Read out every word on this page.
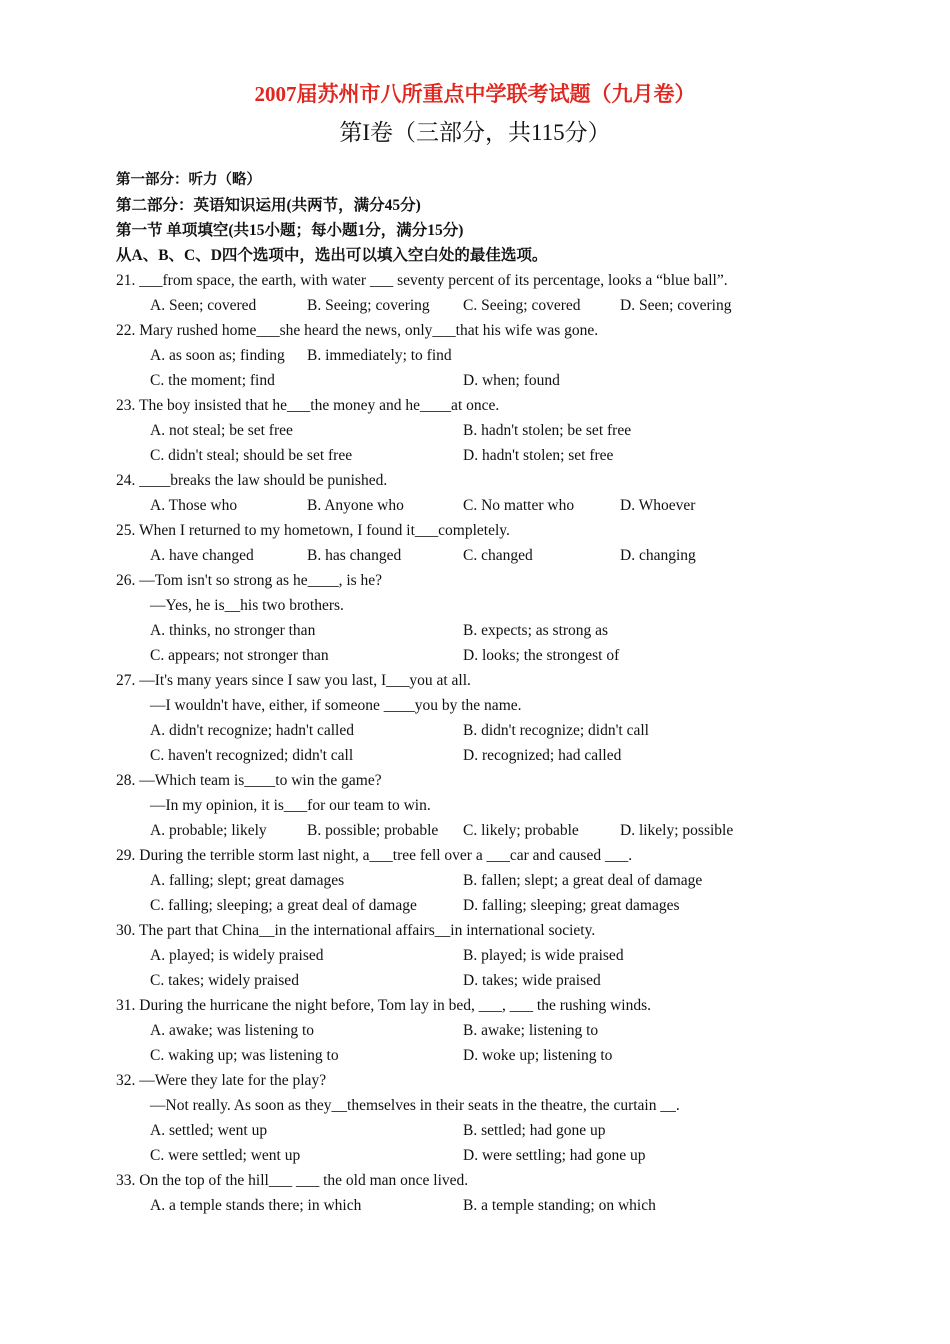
2007届苏州市八所重点中学联考试题（九月卷）
第I卷（三部分，共115分）
第一部分：听力（略）
第二部分：英语知识运用(共两节，满分45分)
第一节 单项填空(共15小题；每小题1分，满分15分)
从A、B、C、D四个选项中，选出可以填入空白处的最佳选项。
21. ___from space, the earth, with water ___ seventy percent of its percentage, looks a “blue ball”.
A. Seen; covered	B. Seeing; covering C. Seeing; covered	D. Seen; covering
22. Mary rushed home___she heard the news, only___that his wife was gone.
A. as soon as; finding B. immediately; to find
C. the moment; find	D. when; found
23. The boy insisted that he___the money and he____at once.
A. not steal; be set free	B. hadn't stolen; be set free
C. didn't steal; should be set free	D. hadn't stolen; set free
24. ____breaks the law should be punished.
A. Those who	B. Anyone who	C. No matter who	D. Whoever
25. When I returned to my hometown, I found it___completely.
A. have changed	B. has changed	C. changed	D. changing
26. —Tom isn't so strong as he____, is he?
—Yes, he is__his two brothers.
A. thinks, no stronger than	B. expects; as strong as
C. appears; not stronger than	D. looks; the strongest of
27. —It's many years since I saw you last, I___you at all.
—I wouldn't have, either, if someone ____you by the name.
A. didn't recognize; hadn't called	B. didn't recognize; didn't call
C. haven't recognized; didn't call	D. recognized; had called
28. —Which team is____to win the game?
—In my opinion, it is___for our team to win.
A. probable; likely	B. possible; probable C. likely; probable	D. likely; possible
29. During the terrible storm last night, a___tree fell over a ___car and caused ___.
A. falling; slept; great damages	B. fallen; slept; a great deal of damage
C. falling; sleeping; a great deal of damage	D. falling; sleeping; great damages
30. The part that China__in the international affairs__in international society.
A. played; is widely praised	B. played; is wide praised
C. takes; widely praised	D. takes; wide praised
31. During the hurricane the night before, Tom lay in bed, ___, ___ the rushing winds.
A. awake; was listening to	B. awake; listening to
C. waking up; was listening to	D. woke up; listening to
32. —Were they late for the play?
—Not really. As soon as they__themselves in their seats in the theatre, the curtain __.
A. settled; went up	B. settled; had gone up
C. were settled; went up	D. were settling; had gone up
33. On the top of the hill___ ___ the old man once lived.
A. a temple stands there; in which	B. a temple standing; on which
